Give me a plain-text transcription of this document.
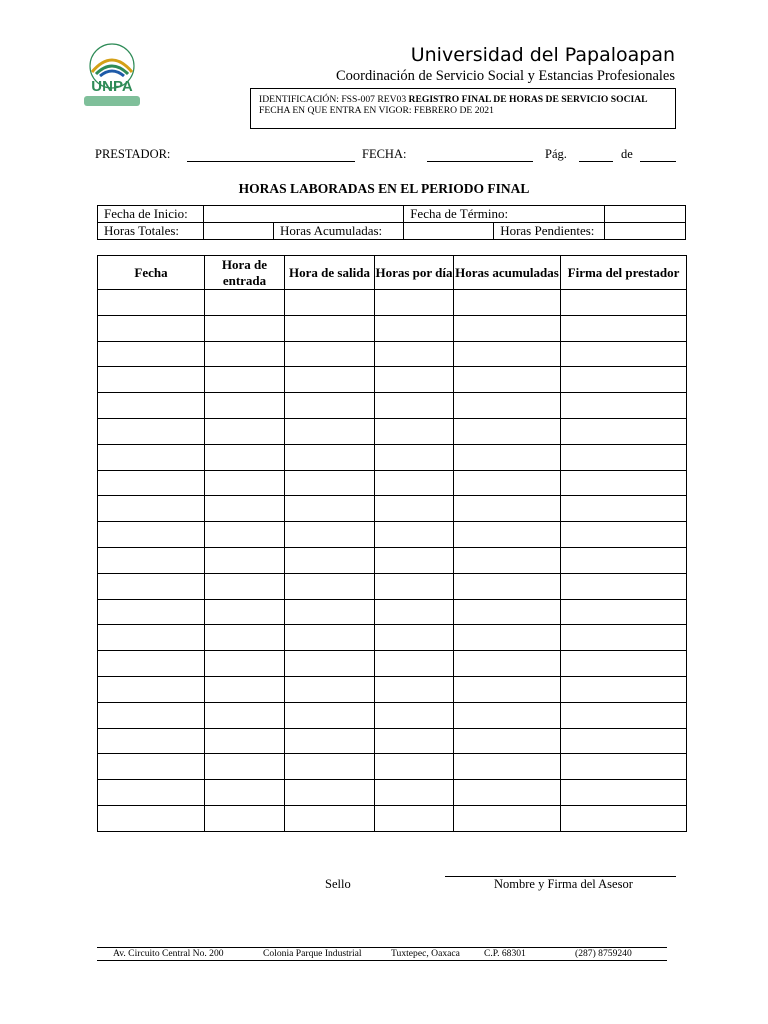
UNPA
Universidad del Papaloapan
Coordinación de Servicio Social y Estancias Profesionales
IDENTIFICACIÓN: FSS-007 REV03 REGISTRO FINAL DE HORAS DE SERVICIO SOCIAL
FECHA EN QUE ENTRA EN VIGOR: FEBRERO DE 2021
PRESTADOR:	FECHA:	Pág.	de
HORAS LABORADAS EN EL PERIODO FINAL
Fecha de Inicio:			Fecha de Término:		
Horas Totales:		Horas Acumuladas:		Horas Pendientes:	
Fecha	Hora de entrada	Hora de salida	Horas por día	Horas acumuladas	Firma del prestador

Sello	Nombre y Firma del Asesor
Av. Circuito Central No. 200	Colonia Parque Industrial	Tuxtepec, Oaxaca	C.P. 68301	(287) 8759240
